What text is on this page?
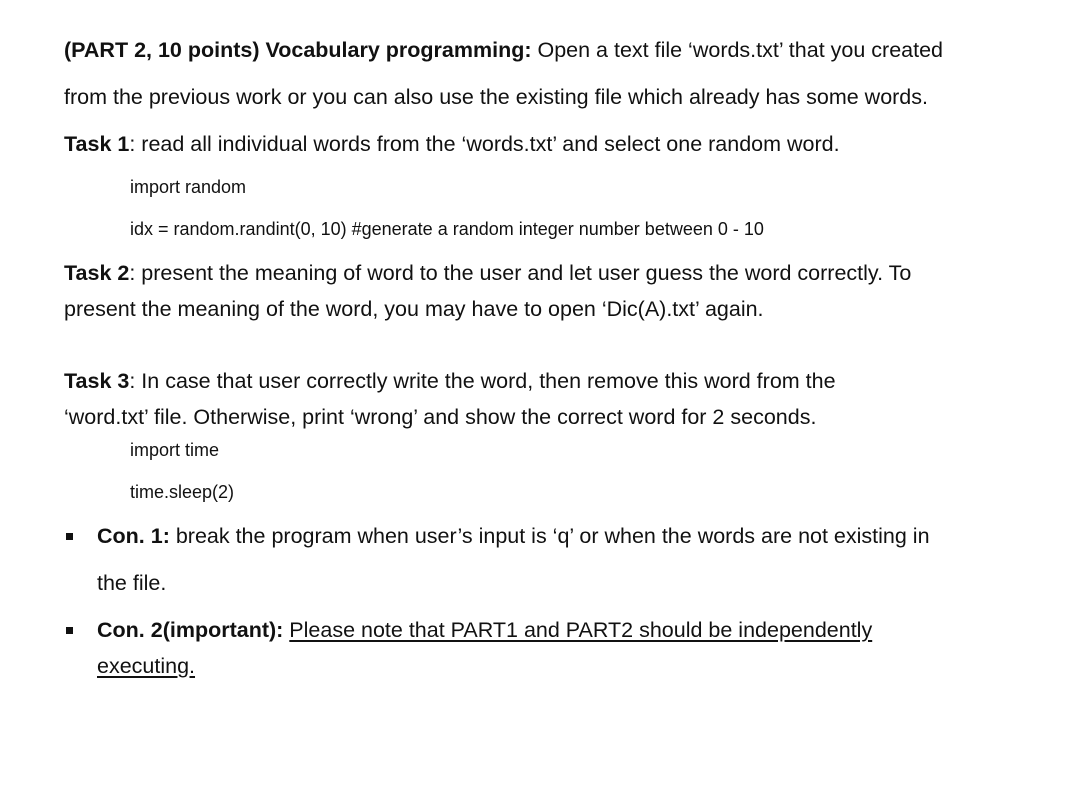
(PART 2, 10 points) Vocabulary programming: Open a text file ‘words.txt’ that you created
from the previous work or you can also use the existing file which already has some words.
Task 1: read all individual words from the ‘words.txt’ and select one random word.
import random
idx = random.randint(0, 10) #generate a random integer number between 0 - 10
Task 2: present the meaning of word to the user and let user guess the word correctly. To
present the meaning of the word, you may have to open ‘Dic(A).txt’ again.
Task 3: In case that user correctly write the word, then remove this word from the
‘word.txt’ file. Otherwise, print ‘wrong’ and show the correct word for 2 seconds.
import time
time.sleep(2)
Con. 1: break the program when user’s input is ‘q’ or when the words are not existing in
the file.
Con. 2(important): Please note that PART1 and PART2 should be independently
executing.
